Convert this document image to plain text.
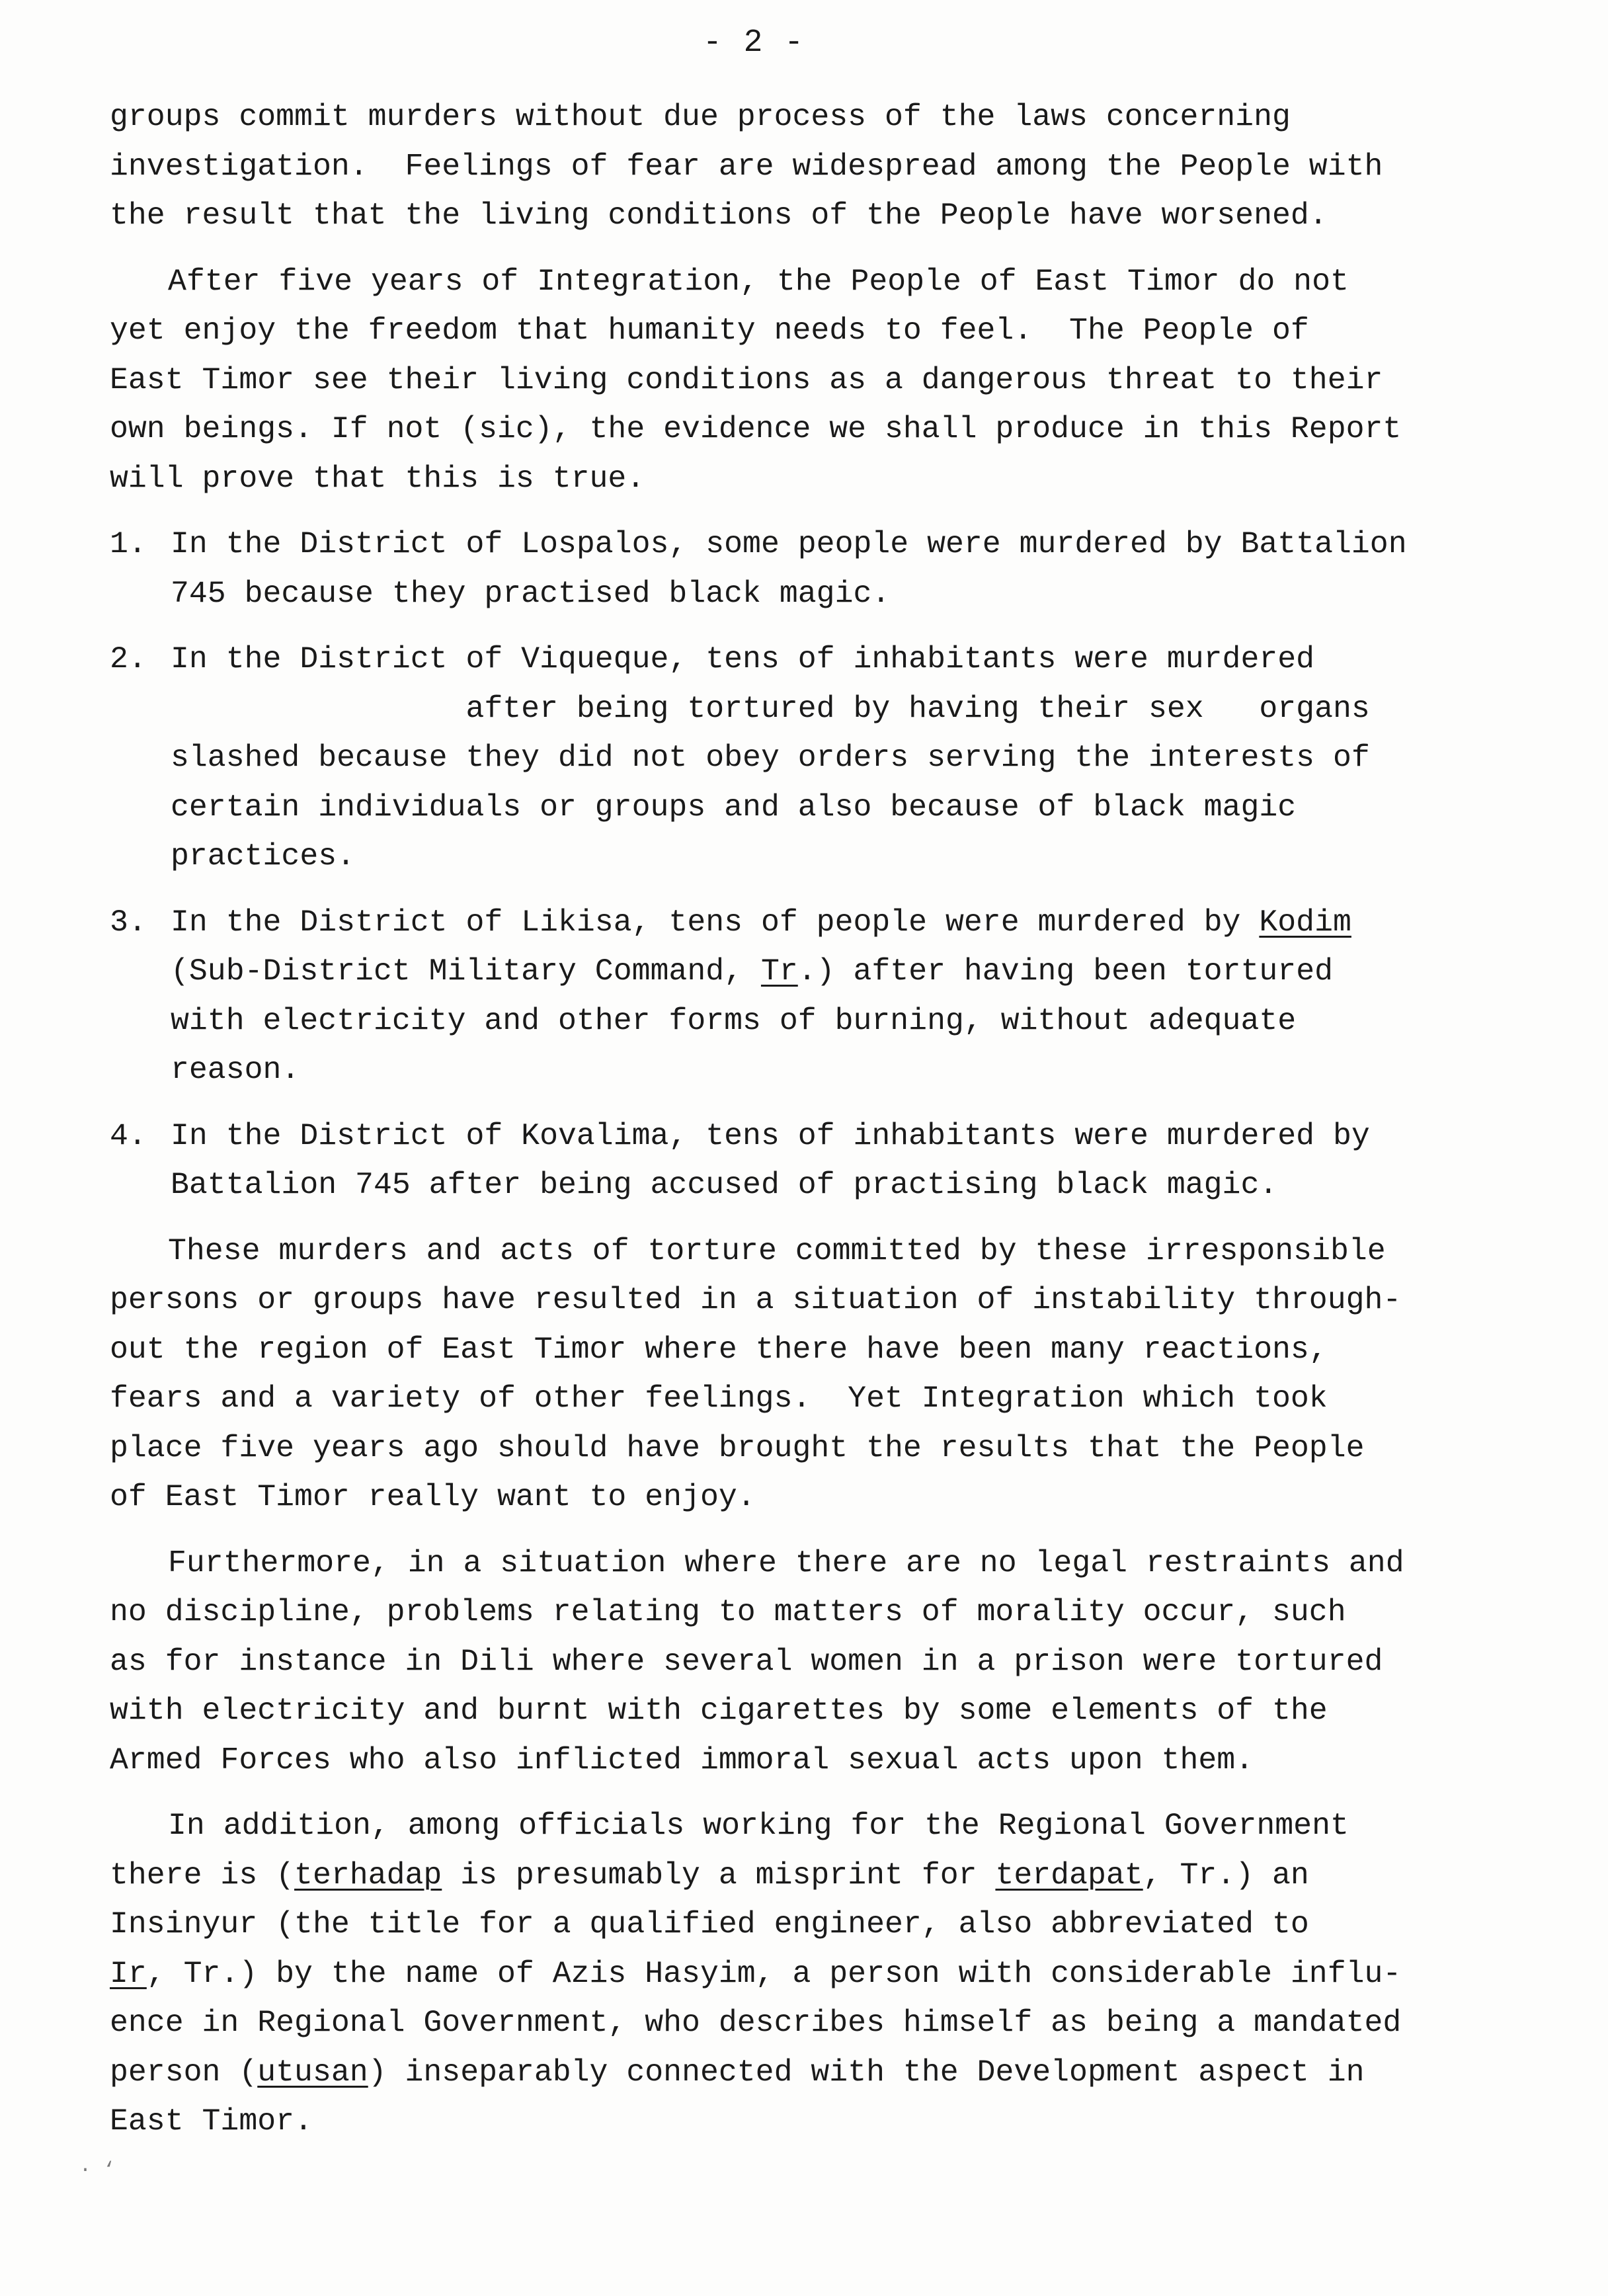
- 2 -
groups commit murders without due process of the laws concerning
investigation.  Feelings of fear are widespread among the People with
the result that the living conditions of the People have worsened.
After five years of Integration, the People of East Timor do not
yet enjoy the freedom that humanity needs to feel.  The People of
East Timor see their living conditions as a dangerous threat to their
own beings. If not (sic), the evidence we shall produce in this Report
will prove that this is true.
1. In the District of Lospalos, some people were murdered by Battalion
745 because they practised black magic.
2. In the District of Viqueque, tens of inhabitants were murdered
after being tortured by having their sex   organs
slashed because they did not obey orders serving the interests of
certain individuals or groups and also because of black magic
practices.
3. In the District of Likisa, tens of people were murdered by Kodim
(Sub-District Military Command, Tr.) after having been tortured
with electricity and other forms of burning, without adequate
reason.
4. In the District of Kovalima, tens of inhabitants were murdered by
Battalion 745 after being accused of practising black magic.
These murders and acts of torture committed by these irresponsible
persons or groups have resulted in a situation of instability through-
out the region of East Timor where there have been many reactions,
fears and a variety of other feelings.  Yet Integration which took
place five years ago should have brought the results that the People
of East Timor really want to enjoy.
Furthermore, in a situation where there are no legal restraints and
no discipline, problems relating to matters of morality occur, such
as for instance in Dili where several women in a prison were tortured
with electricity and burnt with cigarettes by some elements of the
Armed Forces who also inflicted immoral sexual acts upon them.
In addition, among officials working for the Regional Government
there is (terhadap is presumably a misprint for terdapat, Tr.) an
Insinyur (the title for a qualified engineer, also abbreviated to
Ir, Tr.) by the name of Azis Hasyim, a person with considerable influ-
ence in Regional Government, who describes himself as being a mandated
person (utusan) inseparably connected with the Development aspect in
East Timor.
· ‘
